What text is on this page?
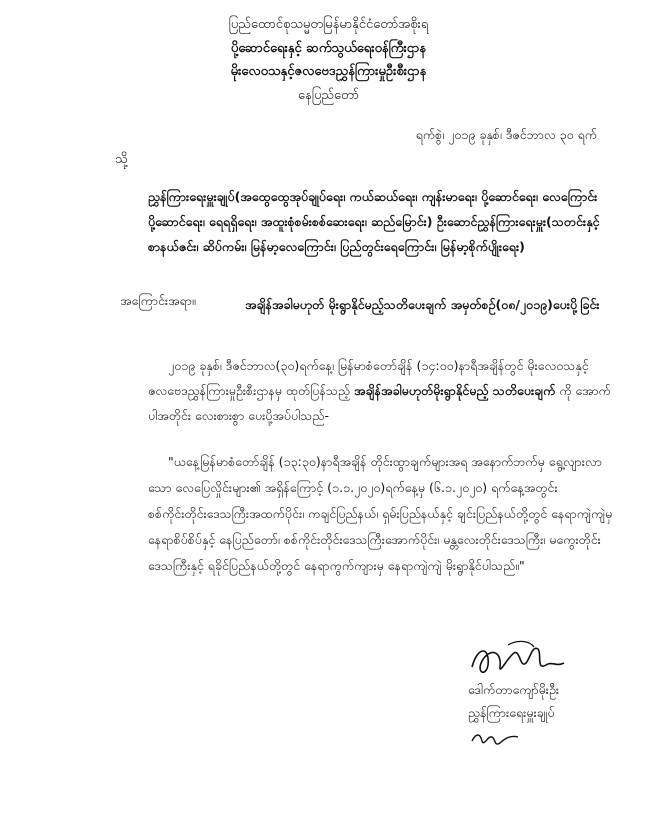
ပြည်ထောင်စုသမ္မတမြန်မာနိုင်ငံတော်အစိုးရ
ပို့ဆောင်ရေးနှင့် ဆက်သွယ်ရေးဝန်ကြီးဌာန
မိုးလေဝသနှင့်ဇလဗေဒညွှန်ကြားမှုဦးစီးဌာန
နေပြည်တော်
ရက်စွဲ၊ ၂၀၁၉ ခုနှစ်၊ ဒီဇင်ဘာလ ၃၀ ရက်
သို့
ညွှန်ကြားရေးမှူးချုပ်(အထွေထွေအုပ်ချုပ်ရေး၊ ကယ်ဆယ်ရေး၊ ကျန်းမာရေး၊ ပို့ဆောင်ရေး၊ လေကြောင်းပို့ဆောင်ရေး၊ ရေရရှိရေး၊ အထူးစုံစမ်းစစ်ဆေးရေး၊ ဆည်မြောင်း) ဦးဆောင်ညွှန်ကြားရေးမှူး(သတင်းနှင့်စာနယ်ဇင်း၊ ဆိပ်ကမ်း၊ မြန်မာ့လေကြောင်း၊ ပြည်တွင်းရေကြောင်း၊ မြန်မာ့စိုက်ပျိုးရေး)
အကြောင်းအရာ။	အချိန်အခါမဟုတ် မိုးရွာနိုင်မည့်သတိပေးချက် အမှတ်စဉ်(၀၈/၂၀၁၉)ပေးပို့ခြင်း
၂၀၁၉ ခုနှစ်၊ ဒီဇင်ဘာလ(၃၀)ရက်နေ့၊ မြန်မာစံတော်ချိန် (၁၄:၀၀)နာရီအချိန်တွင် မိုးလေဝသနှင့် ဇလဗေဒညွှန်ကြားမှုဦးစီးဌာနမှ ထုတ်ပြန်သည့် အချိန်အခါမဟုတ်မိုးရွာနိုင်မည့် သတိပေးချက် ကို အောက်ပါအတိုင်း လေးစားစွာ ပေးပို့အပ်ပါသည်-
"ယနေ့မြန်မာစံတော်ချိန် (၁၃:၃၀)နာရီအချိန် တိုင်းထွာချက်များအရ အနောက်ဘက်မှ ရွေ့လျားလာသော လေပြေလှိုင်းများ၏ အရှိန်ကြောင့် (၁.၁.၂၀၂၀)ရက်နေ့မှ (၆.၁.၂၀၂၀) ရက်နေ့အတွင်း စစ်ကိုင်းတိုင်းဒေသကြီးအထက်ပိုင်း၊ ကချင်ပြည်နယ်၊ ရှမ်းပြည်နယ်နှင့် ချင်းပြည်နယ်တို့တွင် နေရာကျဲကျဲမှ နေရာစိပ်စိပ်နှင့် နေပြည်တော်၊ စစ်ကိုင်းတိုင်းဒေသကြီးအောက်ပိုင်း၊ မန္တလေးတိုင်းဒေသကြီး၊ မကွေးတိုင်းဒေသကြီးနှင့် ရခိုင်ပြည်နယ်တို့တွင် နေရာကွက်ကျားမှ နေရာကျဲကျဲ မိုးရွာနိုင်ပါသည်။"
ဒေါက်တာကျော်မိုးဦး
ညွှန်ကြားရေးမှူးချုပ်
